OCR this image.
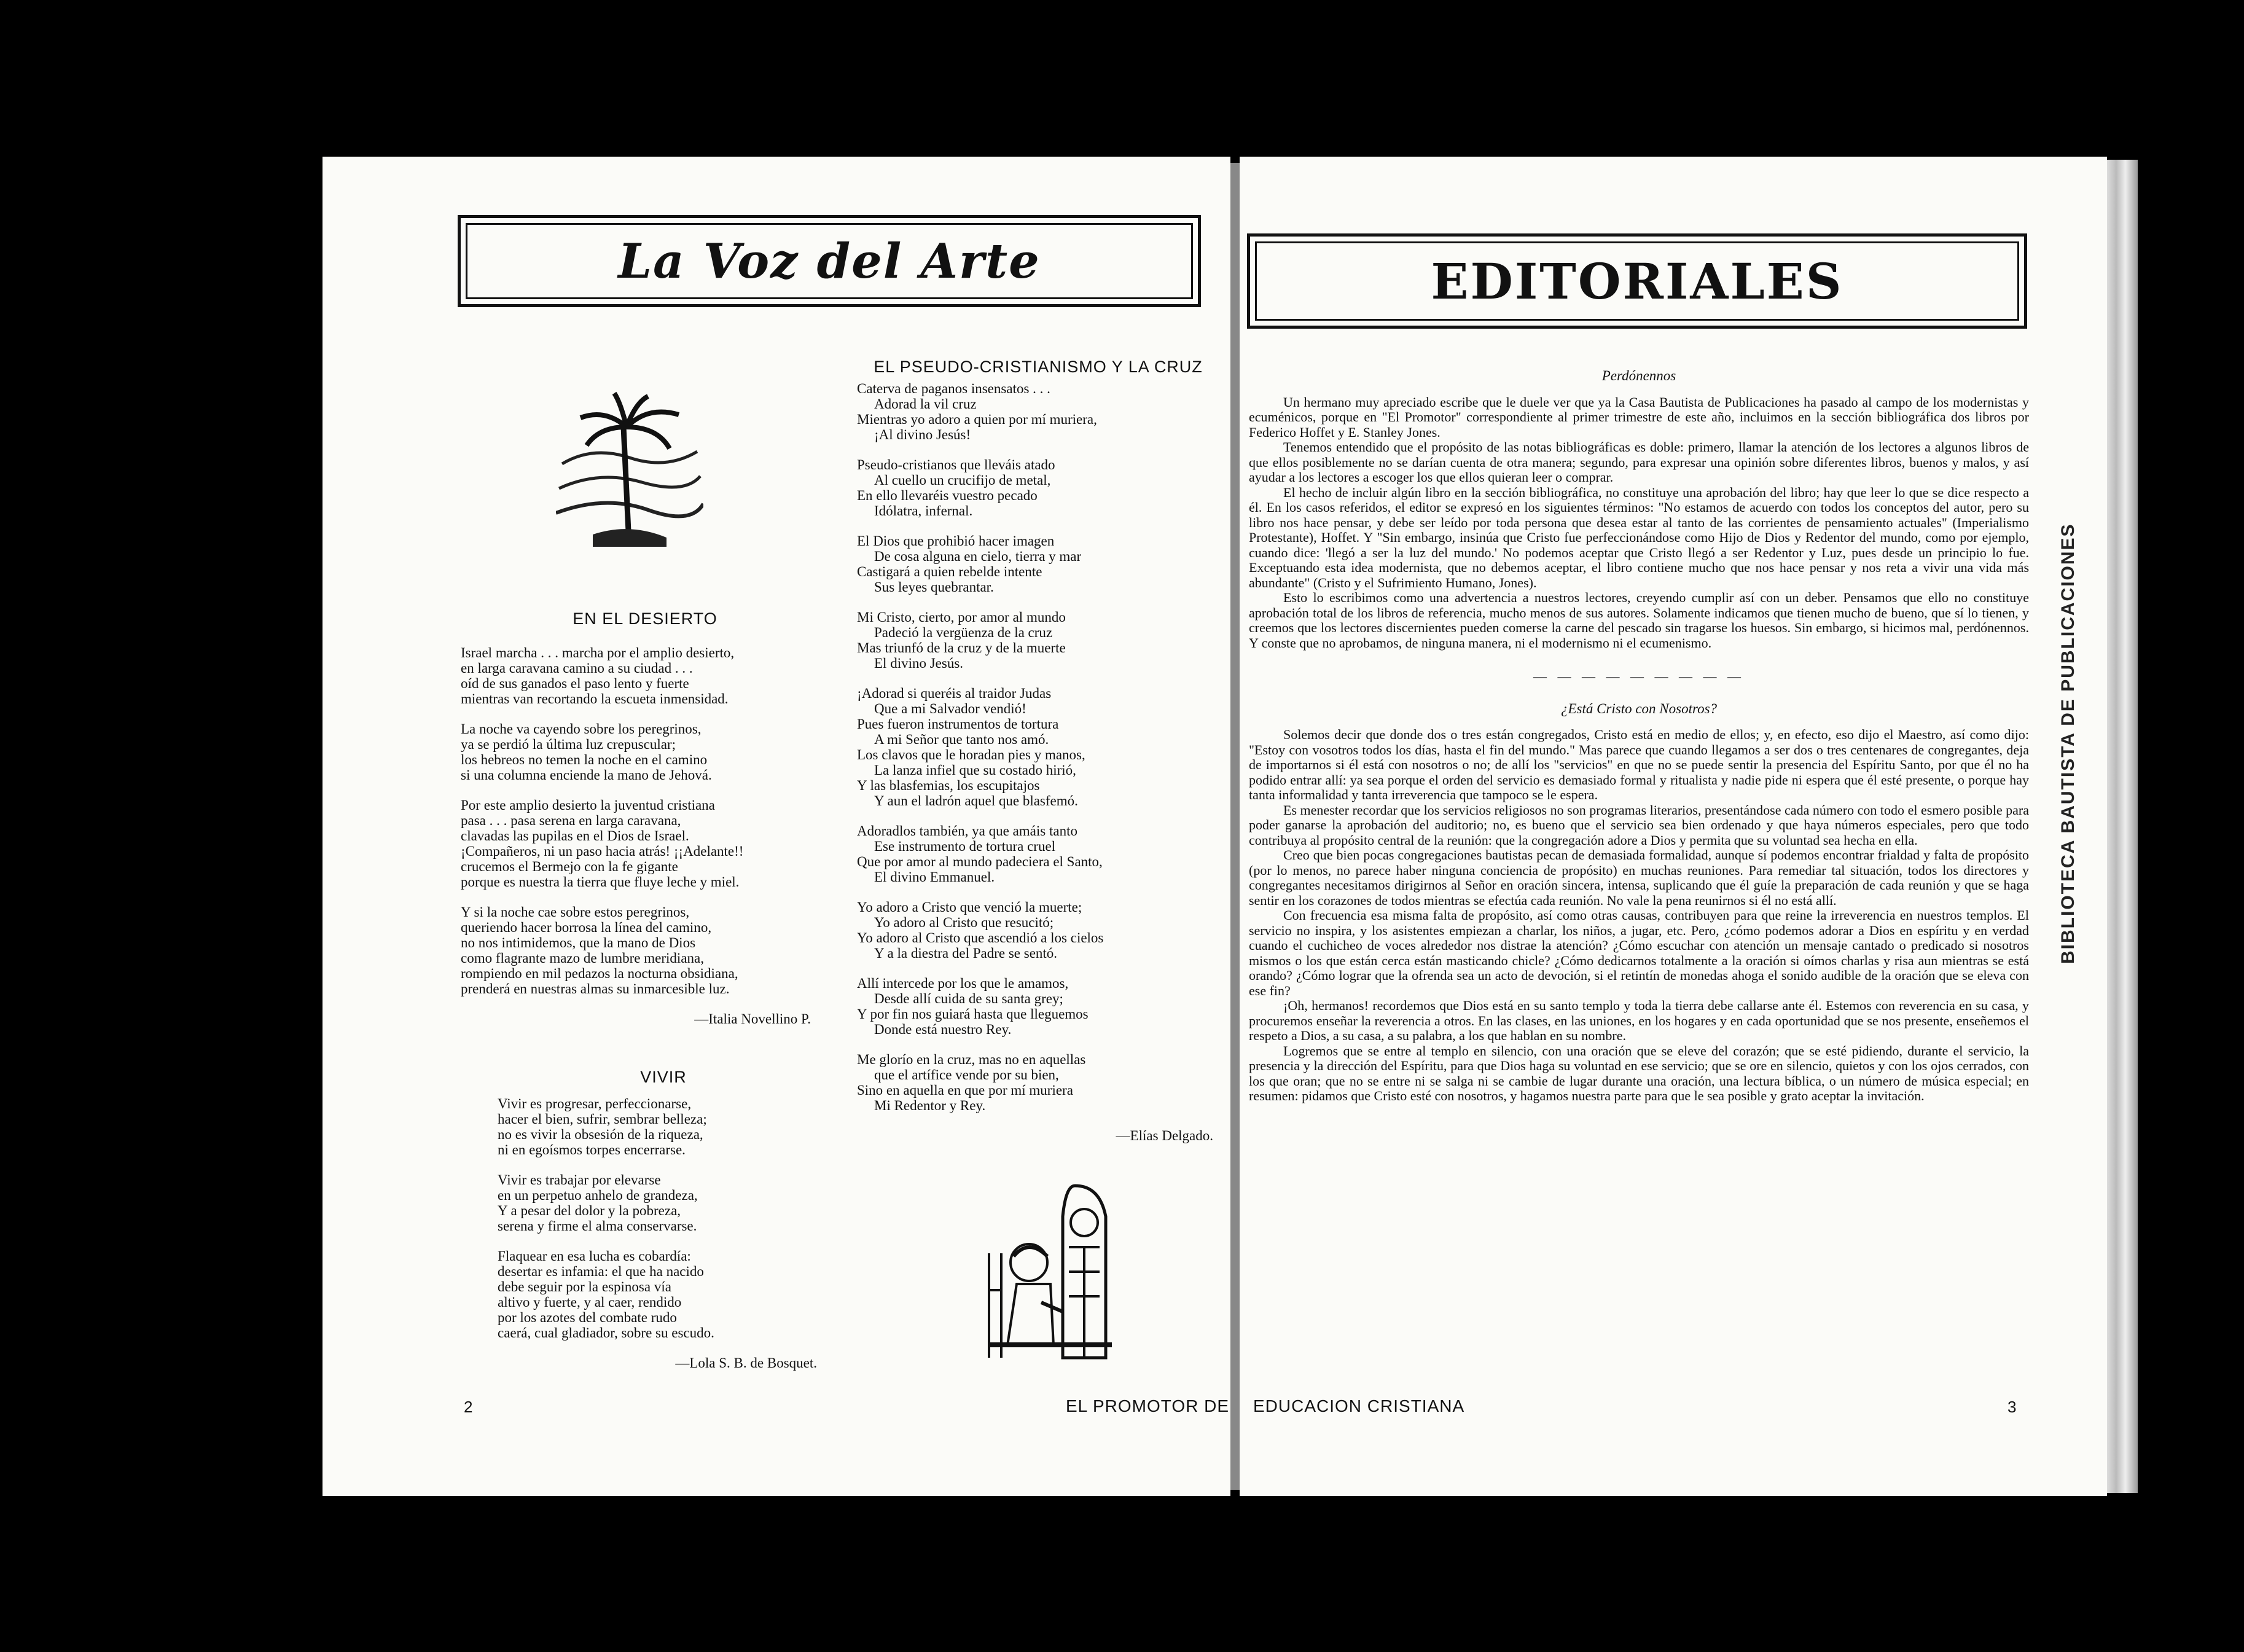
La Voz del Arte
EN EL DESIERTO

Israel marcha . . . marcha por el amplio desierto,

en larga caravana camino a su ciudad . . .

oíd de sus ganados el paso lento y fuerte

mientras van recortando la escueta inmensidad.

La noche va cayendo sobre los peregrinos,

ya se perdió la última luz crepuscular;

los hebreos no temen la noche en el camino

si una columna enciende la mano de Jehová.

Por este amplio desierto la juventud cristiana

pasa . . . pasa serena en larga caravana,

clavadas las pupilas en el Dios de Israel.

¡Compañeros, ni un paso hacia atrás! ¡¡Adelante!!

crucemos el Bermejo con la fe gigante

porque es nuestra la tierra que fluye leche y miel.

Y si la noche cae sobre estos peregrinos,

queriendo hacer borrosa la línea del camino,

no nos intimidemos, que la mano de Dios

como flagrante mazo de lumbre meridiana,

rompiendo en mil pedazos la nocturna obsidiana,

prenderá en nuestras almas su inmarcesible luz.

—Italia Novellino P.
VIVIR

Vivir es progresar, perfeccionarse,

hacer el bien, sufrir, sembrar belleza;

no es vivir la obsesión de la riqueza,

ni en egoísmos torpes encerrarse.

Vivir es trabajar por elevarse

en un perpetuo anhelo de grandeza,

Y a pesar del dolor y la pobreza,

serena y firme el alma conservarse.

Flaquear en esa lucha es cobardía:

desertar es infamia: el que ha nacido

debe seguir por la espinosa vía

altivo y fuerte, y al caer, rendido

por los azotes del combate rudo

caerá, cual gladiador, sobre su escudo.

—Lola S. B. de Bosquet.
EL PSEUDO-CRISTIANISMO Y LA CRUZ

Caterva de paganos insensatos . . .

Adorad la vil cruz

Mientras yo adoro a quien por mí muriera,

¡Al divino Jesús!

Pseudo-cristianos que lleváis atado

Al cuello un crucifijo de metal,

En ello llevaréis vuestro pecado

Idólatra, infernal.

El Dios que prohibió hacer imagen

De cosa alguna en cielo, tierra y mar

Castigará a quien rebelde intente

Sus leyes quebrantar.

Mi Cristo, cierto, por amor al mundo

Padeció la vergüenza de la cruz

Mas triunfó de la cruz y de la muerte

El divino Jesús.

¡Adorad si queréis al traidor Judas

Que a mi Salvador vendió!

Pues fueron instrumentos de tortura

A mi Señor que tanto nos amó.

Los clavos que le horadan pies y manos,

La lanza infiel que su costado hirió,

Y las blasfemias, los escupitajos

Y aun el ladrón aquel que blasfemó.

Adoradlos también, ya que amáis tanto

Ese instrumento de tortura cruel

Que por amor al mundo padeciera el Santo,

El divino Emmanuel.

Yo adoro a Cristo que venció la muerte;

Yo adoro al Cristo que resucitó;

Yo adoro al Cristo que ascendió a los cielos

Y a la diestra del Padre se sentó.

Allí intercede por los que le amamos,

Desde allí cuida de su santa grey;

Y por fin nos guiará hasta que lleguemos

Donde está nuestro Rey.

Me glorío en la cruz, mas no en aquellas

que el artífice vende por su bien,

Sino en aquella en que por mí muriera

Mi Redentor y Rey.

—Elías Delgado.
2	EL PROMOTOR DE
EDITORIALES
Perdónennos

Un hermano muy apreciado escribe que le duele ver que ya la Casa Bautista de Publicaciones ha pasado al campo de los modernistas y ecuménicos, porque en "El Promotor" correspondiente al primer trimestre de este año, incluimos en la sección bibliográfica dos libros por Federico Hoffet y E. Stanley Jones.

Tenemos entendido que el propósito de las notas bibliográficas es doble: primero, llamar la atención de los lectores a algunos libros de que ellos posiblemente no se darían cuenta de otra manera; segundo, para expresar una opinión sobre diferentes libros, buenos y malos, y así ayudar a los lectores a escoger los que ellos quieran leer o comprar.

El hecho de incluir algún libro en la sección bibliográfica, no constituye una aprobación del libro; hay que leer lo que se dice respecto a él. En los casos referidos, el editor se expresó en los siguientes términos: "No estamos de acuerdo con todos los conceptos del autor, pero su libro nos hace pensar, y debe ser leído por toda persona que desea estar al tanto de las corrientes de pensamiento actuales" (Imperialismo Protestante), Hoffet. Y "Sin embargo, insinúa que Cristo fue perfeccionándose como Hijo de Dios y Redentor del mundo, como por ejemplo, cuando dice: 'llegó a ser la luz del mundo.' No podemos aceptar que Cristo llegó a ser Redentor y Luz, pues desde un principio lo fue. Exceptuando esta idea modernista, que no debemos aceptar, el libro contiene mucho que nos hace pensar y nos reta a vivir una vida más abundante" (Cristo y el Sufrimiento Humano, Jones).

Esto lo escribimos como una advertencia a nuestros lectores, creyendo cumplir así con un deber. Pensamos que ello no constituye aprobación total de los libros de referencia, mucho menos de sus autores. Solamente indicamos que tienen mucho de bueno, que sí lo tienen, y creemos que los lectores discernientes pueden comerse la carne del pescado sin tragarse los huesos. Sin embargo, si hicimos mal, perdónennos. Y conste que no aprobamos, de ninguna manera, ni el modernismo ni el ecumenismo.

— — — — — — — — —
¿Está Cristo con Nosotros?

Solemos decir que donde dos o tres están congregados, Cristo está en medio de ellos; y, en efecto, eso dijo el Maestro, así como dijo: "Estoy con vosotros todos los días, hasta el fin del mundo." Mas parece que cuando llegamos a ser dos o tres centenares de congregantes, deja de importarnos si él está con nosotros o no; de allí los "servicios" en que no se puede sentir la presencia del Espíritu Santo, por que él no ha podido entrar allí: ya sea porque el orden del servicio es demasiado formal y ritualista y nadie pide ni espera que él esté presente, o porque hay tanta informalidad y tanta irreverencia que tampoco se le espera.

Es menester recordar que los servicios religiosos no son programas literarios, presentándose cada número con todo el esmero posible para poder ganarse la aprobación del auditorio; no, es bueno que el servicio sea bien ordenado y que haya números especiales, pero que todo contribuya al propósito central de la reunión: que la congregación adore a Dios y permita que su voluntad sea hecha en ella.

Creo que bien pocas congregaciones bautistas pecan de demasiada formalidad, aunque sí podemos encontrar frialdad y falta de propósito (por lo menos, no parece haber ninguna conciencia de propósito) en muchas reuniones. Para remediar tal situación, todos los directores y congregantes necesitamos dirigirnos al Señor en oración sincera, intensa, suplicando que él guíe la preparación de cada reunión y que se haga sentir en los corazones de todos mientras se efectúa cada reunión. No vale la pena reunirnos si él no está allí.

Con frecuencia esa misma falta de propósito, así como otras causas, contribuyen para que reine la irreverencia en nuestros templos. El servicio no inspira, y los asistentes empiezan a charlar, los niños, a jugar, etc. Pero, ¿cómo podemos adorar a Dios en espíritu y en verdad cuando el cuchicheo de voces alrededor nos distrae la atención? ¿Cómo escuchar con atención un mensaje cantado o predicado si nosotros mismos o los que están cerca están masticando chicle? ¿Cómo dedicarnos totalmente a la oración si oímos charlas y risa aun mientras se está orando? ¿Cómo lograr que la ofrenda sea un acto de devoción, si el retintín de monedas ahoga el sonido audible de la oración que se eleva con ese fin?

¡Oh, hermanos! recordemos que Dios está en su santo templo y toda la tierra debe callarse ante él. Estemos con reverencia en su casa, y procuremos enseñar la reverencia a otros. En las clases, en las uniones, en los hogares y en cada oportunidad que se nos presente, enseñemos el respeto a Dios, a su casa, a su palabra, a los que hablan en su nombre.

Logremos que se entre al templo en silencio, con una oración que se eleve del corazón; que se esté pidiendo, durante el servicio, la presencia y la dirección del Espíritu, para que Dios haga su voluntad en ese servicio; que se ore en silencio, quietos y con los ojos cerrados, con los que oran; que no se entre ni se salga ni se cambie de lugar durante una oración, una lectura bíblica, o un número de música especial; en resumen: pidamos que Cristo esté con nosotros, y hagamos nuestra parte para que le sea posible y grato aceptar la invitación.

EDUCACION CRISTIANA	3
BIBLIOTECA BAUTISTA DE PUBLICACIONES
